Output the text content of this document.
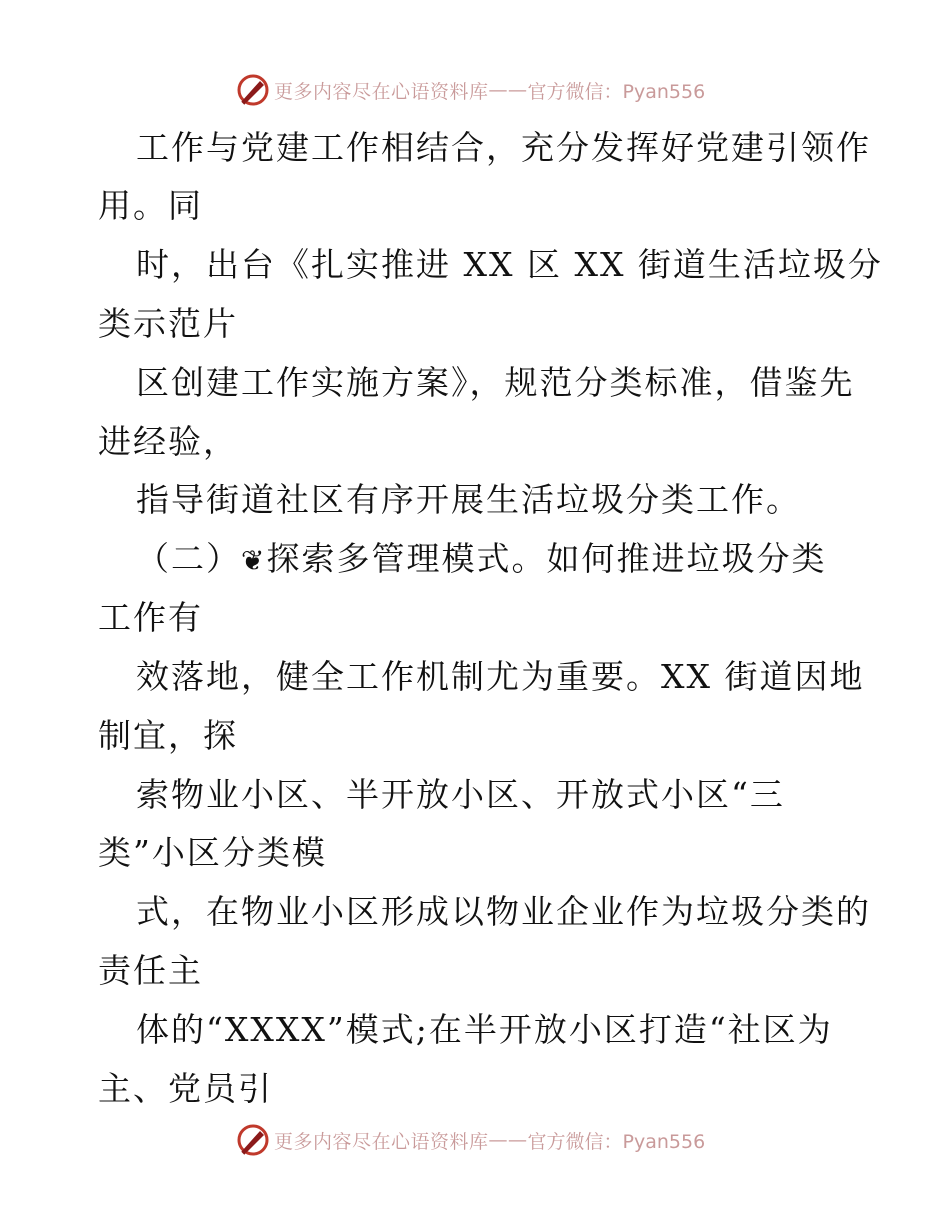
更多内容尽在心语资料库 —— 官方微信：Pyan556
工作与党建工作相结合，充分发挥好党建引领作
用。同
时，出台《扎实推进 XX 区 XX 街道生活垃圾分
类示范片
区创建工作实施方案》，规范分类标准，借鉴先
进经验，
指导街道社区有序开展生活垃圾分类工作。
（二）❦探索多管理模式。如何推进垃圾分类
工作有
效落地，健全工作机制尤为重要。XX 街道因地
制宜，探
索物业小区、半开放小区、开放式小区“三
类”小区分类模
式，在物业小区形成以物业企业作为垃圾分类的
责任主
体的“XXXX”模式;在半开放小区打造“社区为
主、党员引
更多内容尽在心语资料库 —— 官方微信：Pyan556
